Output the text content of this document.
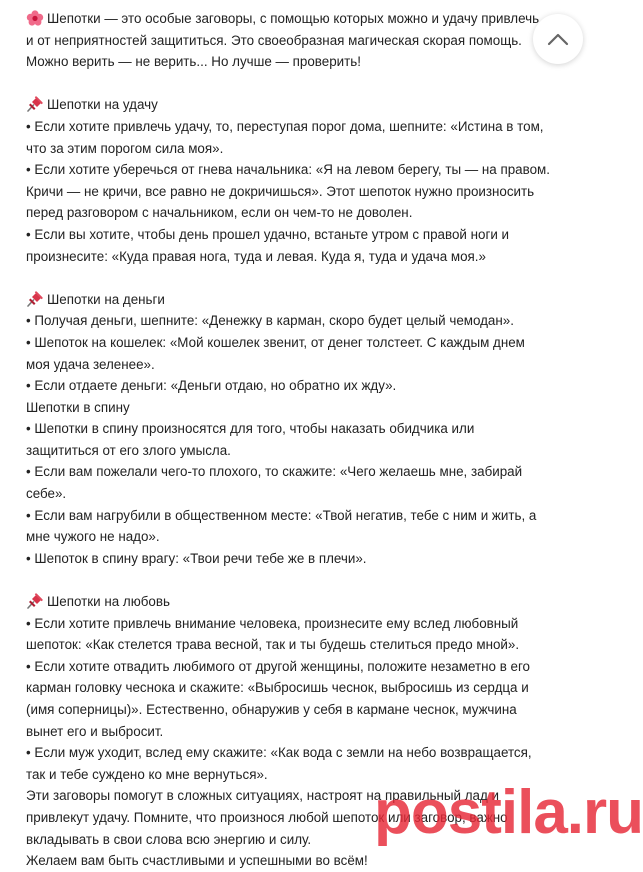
Шепотки — это особые заговоры, с помощью которых можно и удачу привлечь
и от неприятностей защититься. Это своеобразная магическая скорая помощь.
Можно верить — не верить... Но лучше — проверить!
Шепотки на удачу
• Если хотите привлечь удачу, то, переступая порог дома, шепните: «Истина в том,
что за этим порогом сила моя».
• Если хотите уберечься от гнева начальника: «Я на левом берегу, ты — на правом.
Кричи — не кричи, все равно не докричишься». Этот шепоток нужно произносить
перед разговором с начальником, если он чем-то не доволен.
• Если вы хотите, чтобы день прошел удачно, встаньте утром с правой ноги и
произнесите: «Куда правая нога, туда и левая. Куда я, туда и удача моя.»
Шепотки на деньги
• Получая деньги, шепните: «Денежку в карман, скоро будет целый чемодан».
• Шепоток на кошелек: «Мой кошелек звенит, от денег толстеет. С каждым днем
моя удача зеленее».
• Если отдаете деньги: «Деньги отдаю, но обратно их жду».
Шепотки в спину
• Шепотки в спину произносятся для того, чтобы наказать обидчика или
защититься от его злого умысла.
• Если вам пожелали чего-то плохого, то скажите: «Чего желаешь мне, забирай
себе».
• Если вам нагрубили в общественном месте: «Твой негатив, тебе с ним и жить, а
мне чужого не надо».
• Шепоток в спину врагу: «Твои речи тебе же в плечи».
Шепотки на любовь
• Если хотите привлечь внимание человека, произнесите ему вслед любовный
шепоток: «Как стелется трава весной, так и ты будешь стелиться предо мной».
• Если хотите отвадить любимого от другой женщины, положите незаметно в его
карман головку чеснока и скажите: «Выбросишь чеснок, выбросишь из сердца и
(имя соперницы)». Естественно, обнаружив у себя в кармане чеснок, мужчина
вынет его и выбросит.
• Если муж уходит, вслед ему скажите: «Как вода с земли на небо возвращается,
так и тебе суждено ко мне вернуться».
Эти заговоры помогут в сложных ситуациях, настроят на правильный лад и
привлекут удачу. Помните, что произнося любой шепоток или заговор, важно
вкладывать в свои слова всю энергию и силу.
Желаем вам быть счастливыми и успешными во всём!
postila.ru
